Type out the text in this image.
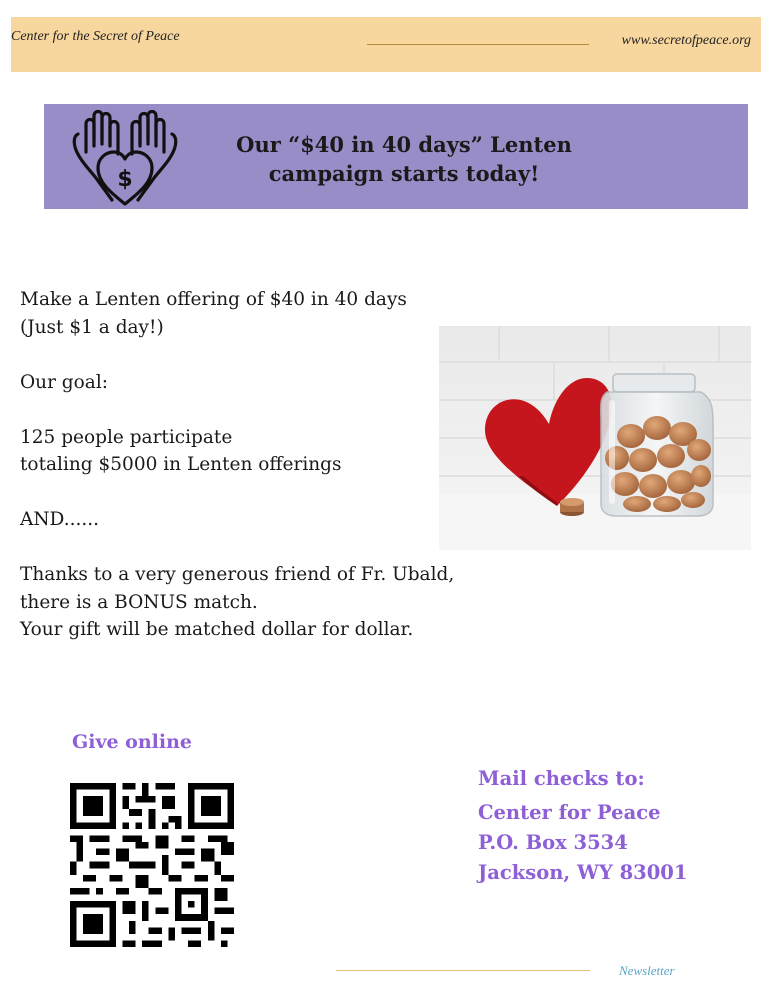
Center for the Secret of Peace	www.secretofpeace.org
$
Our “$40 in 40 days” Lenten
campaign starts today!

Make a Lenten offering of $40 in 40 days

(Just $1 a day!)

Our goal:

125 people participate

totaling $5000 in Lenten offerings

AND......

Thanks to a very generous friend of Fr. Ubald,

there is a BONUS match.

Your gift will be matched dollar for dollar.

Give online
Mail checks to:
Center for Peace
P.O. Box 3534
Jackson, WY 83001
Newsletter
